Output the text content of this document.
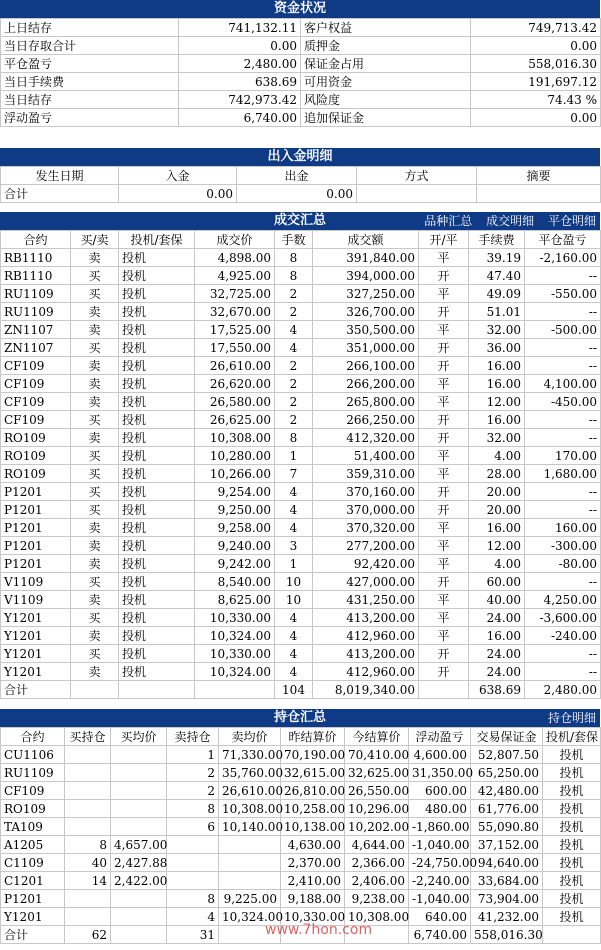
资金状况
上日结存	741,132.11	客户权益	749,713.42
当日存取合计	0.00	质押金	0.00
平仓盈亏	2,480.00	保证金占用	558,016.30
当日手续费	638.69	可用资金	191,697.12
当日结存	742,973.42	风险度	74.43 %
浮动盈亏	6,740.00	追加保证金	0.00
出入金明细
发生日期	入金	出金	方式	摘要
合计	0.00	0.00		
成交汇总	品种汇总 成交明细 平仓明细
合约	买/卖	投机/套保	成交价	手数	成交额	开/平	手续费	平仓盈亏
RB1110	卖	投机	4,898.00	8	391,840.00	平	39.19	-2,160.00
RB1110	买	投机	4,925.00	8	394,000.00	开	47.40	--
RU1109	买	投机	32,725.00	2	327,250.00	平	49.09	-550.00
RU1109	卖	投机	32,670.00	2	326,700.00	开	51.01	--
ZN1107	卖	投机	17,525.00	4	350,500.00	平	32.00	-500.00
ZN1107	买	投机	17,550.00	4	351,000.00	开	36.00	--
CF109	卖	投机	26,610.00	2	266,100.00	开	16.00	--
CF109	卖	投机	26,620.00	2	266,200.00	平	16.00	4,100.00
CF109	卖	投机	26,580.00	2	265,800.00	平	12.00	-450.00
CF109	买	投机	26,625.00	2	266,250.00	开	16.00	--
RO109	卖	投机	10,308.00	8	412,320.00	开	32.00	--
RO109	买	投机	10,280.00	1	51,400.00	平	4.00	170.00
RO109	买	投机	10,266.00	7	359,310.00	平	28.00	1,680.00
P1201	买	投机	9,254.00	4	370,160.00	开	20.00	--
P1201	买	投机	9,250.00	4	370,000.00	开	20.00	--
P1201	卖	投机	9,258.00	4	370,320.00	平	16.00	160.00
P1201	卖	投机	9,240.00	3	277,200.00	平	12.00	-300.00
P1201	卖	投机	9,242.00	1	92,420.00	平	4.00	-80.00
V1109	买	投机	8,540.00	10	427,000.00	开	60.00	--
V1109	卖	投机	8,625.00	10	431,250.00	平	40.00	4,250.00
Y1201	买	投机	10,330.00	4	413,200.00	平	24.00	-3,600.00
Y1201	卖	投机	10,324.00	4	412,960.00	平	16.00	-240.00
Y1201	买	投机	10,330.00	4	413,200.00	开	24.00	--
Y1201	卖	投机	10,324.00	4	412,960.00	开	24.00	--
合计				104	8,019,340.00		638.69	2,480.00
持仓汇总	持仓明细
合约	买持仓	买均价	卖持仓	卖均价	昨结算价	今结算价	浮动盈亏	交易保证金	投机/套保
CU1106			1	71,330.00	70,190.00	70,410.00	4,600.00	52,807.50	投机
RU1109			2	35,760.00	32,615.00	32,625.00	31,350.00	65,250.00	投机
CF109			2	26,610.00	26,810.00	26,550.00	600.00	42,480.00	投机
RO109			8	10,308.00	10,258.00	10,296.00	480.00	61,776.00	投机
TA109			6	10,140.00	10,138.00	10,202.00	-1,860.00	55,090.80	投机
A1205	8	4,657.00			4,630.00	4,644.00	-1,040.00	37,152.00	投机
C1109	40	2,427.88			2,370.00	2,366.00	-24,750.00	94,640.00	投机
C1201	14	2,422.00			2,410.00	2,406.00	-2,240.00	33,684.00	投机
P1201			8	9,225.00	9,188.00	9,238.00	-1,040.00	73,904.00	投机
Y1201			4	10,324.00	10,330.00	10,308.00	640.00	41,232.00	投机
合计	62		31				6,740.00	558,016.30	
www.7hon.com
